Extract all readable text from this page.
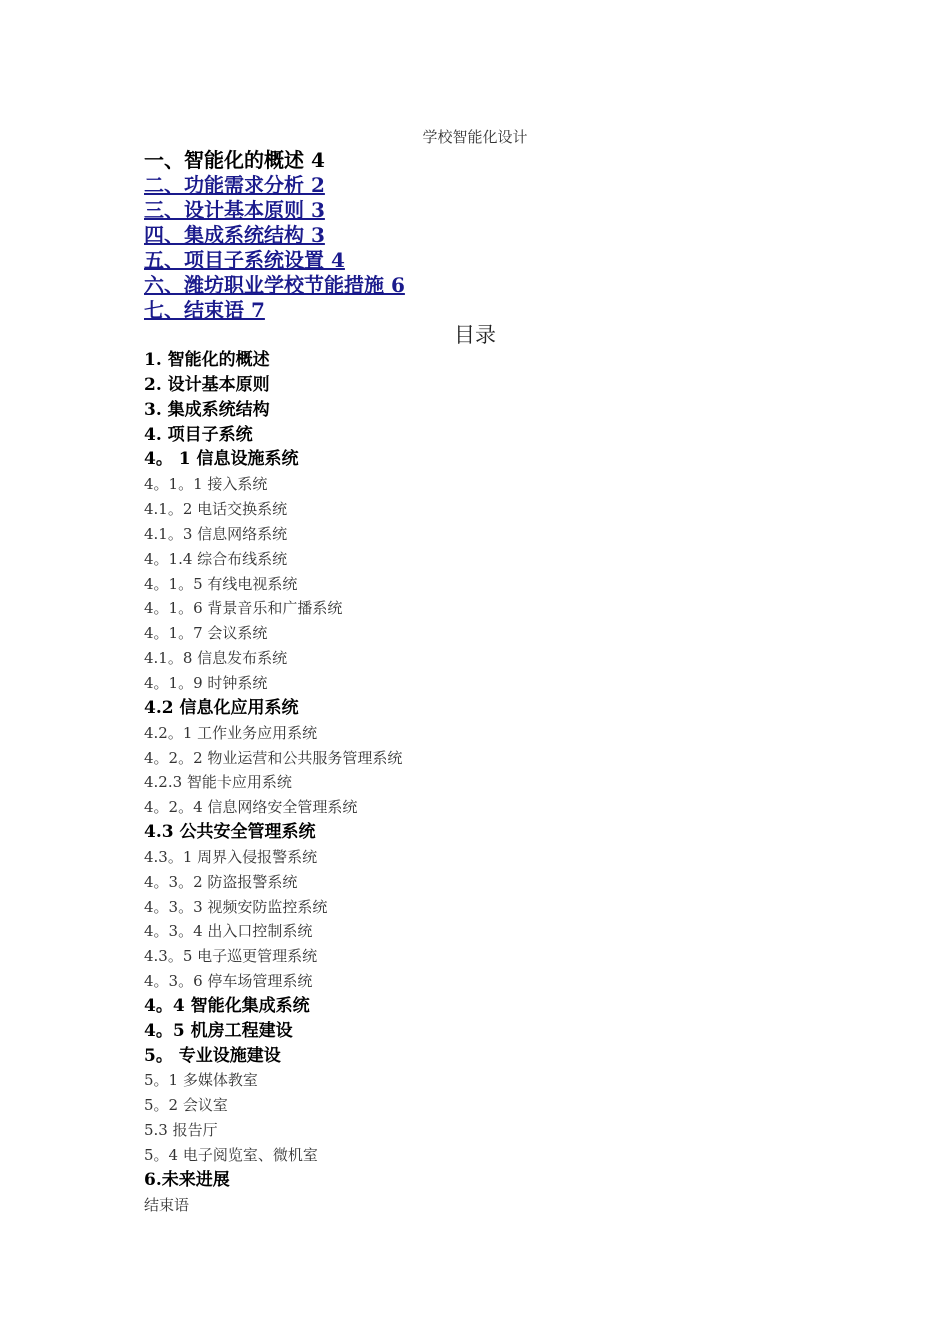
学校智能化设计
一、智能化的概述 4
二、功能需求分析 2
三、设计基本原则 3
四、集成系统结构 3
五、项目子系统设置 4
六、潍坊职业学校节能措施 6
七、结束语 7
目录
1. 智能化的概述
2. 设计基本原则
3. 集成系统结构
4. 项目子系统
4。 1 信息设施系统
4。1。1 接入系统
4.1。2 电话交换系统
4.1。3 信息网络系统
4。1.4 综合布线系统
4。1。5 有线电视系统
4。1。6 背景音乐和广播系统
4。1。7 会议系统
4.1。8 信息发布系统
4。1。9 时钟系统
4.2 信息化应用系统
4.2。1 工作业务应用系统
4。2。2 物业运营和公共服务管理系统
4.2.3 智能卡应用系统
4。2。4 信息网络安全管理系统
4.3 公共安全管理系统
4.3。1 周界入侵报警系统
4。3。2 防盗报警系统
4。3。3 视频安防监控系统
4。3。4 出入口控制系统
4.3。5 电子巡更管理系统
4。3。6 停车场管理系统
4。4 智能化集成系统
4。5 机房工程建设
5。 专业设施建设
5。1 多媒体教室
5。2 会议室
5.3 报告厅
5。4 电子阅览室、微机室
6.未来进展
结束语
